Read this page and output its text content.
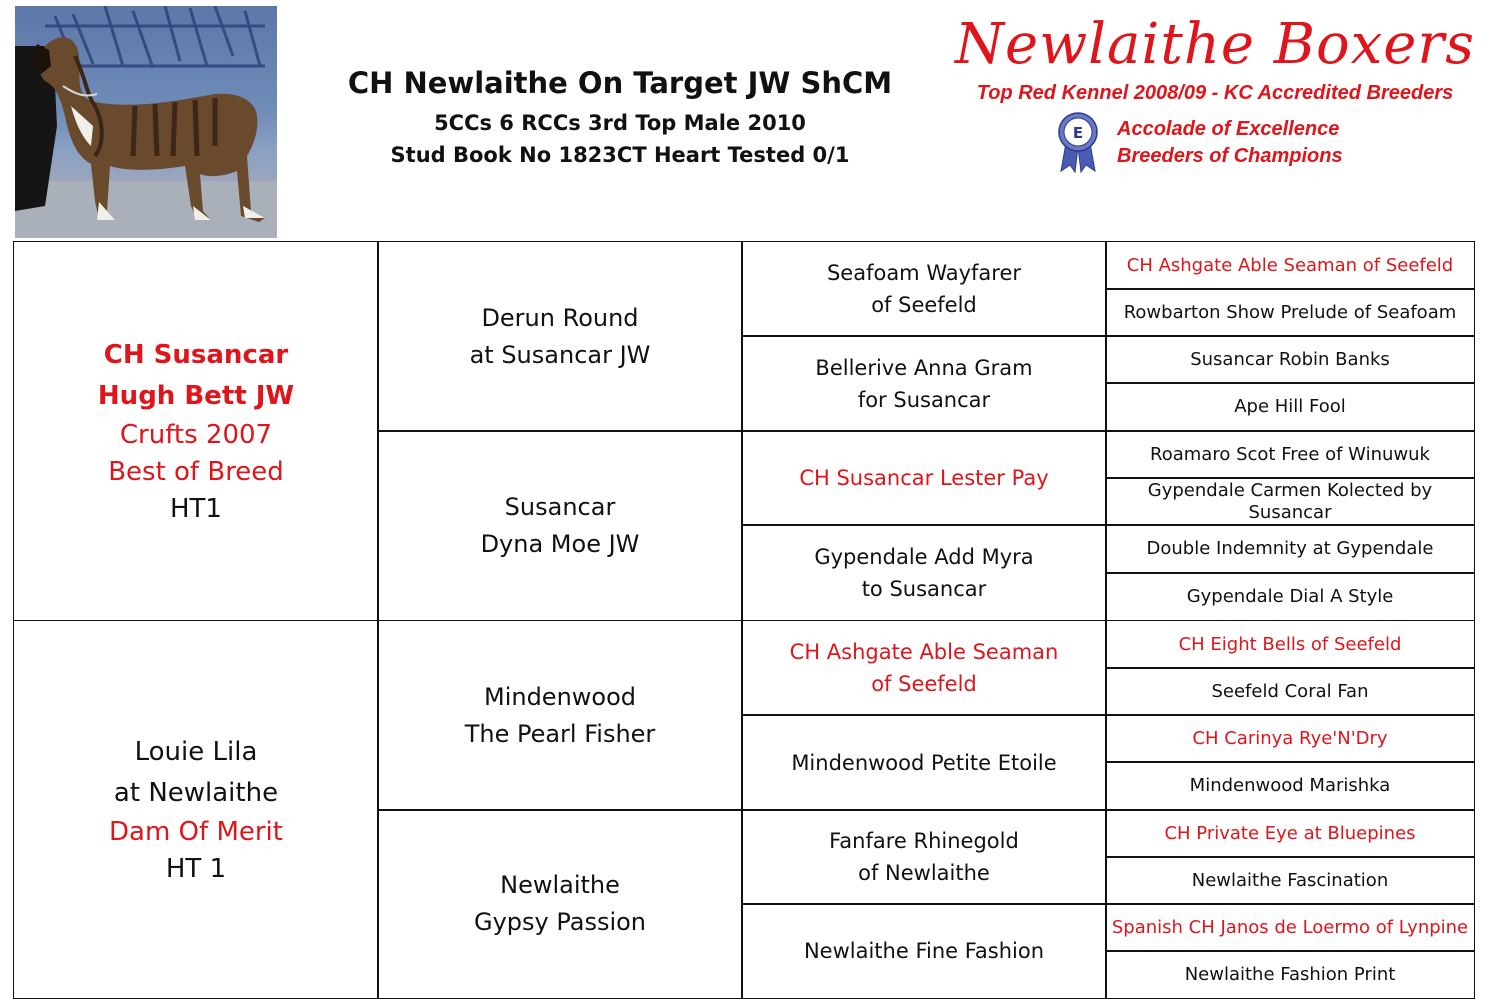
CH Newlaithe On Target JW ShCM
5CCs 6 RCCs 3rd Top Male 2010
Stud Book No 1823CT Heart Tested 0/1
Newlaithe Boxers
Top Red Kennel 2008/09 - KC Accredited Breeders
E Accolade of Excellence
Breeders of Champions
CH Susancar
Hugh Bett JW
Crufts 2007
Best of Breed
HT1
Louie Lila
at Newlaithe
Dam Of Merit
HT 1
Derun Round
at Susancar JW
Susancar
Dyna Moe JW
Mindenwood
The Pearl Fisher
Newlaithe
Gypsy Passion
Seafoam Wayfarer
of Seefeld
Bellerive Anna Gram
for Susancar
CH Susancar Lester Pay
Gypendale Add Myra
to Susancar
CH Ashgate Able Seaman
of Seefeld
Mindenwood Petite Etoile
Fanfare Rhinegold
of Newlaithe
Newlaithe Fine Fashion
CH Ashgate Able Seaman of Seefeld
Rowbarton Show Prelude of Seafoam
Susancar Robin Banks
Ape Hill Fool
Roamaro Scot Free of Winuwuk
Gypendale Carmen Kolected by Susancar
Double Indemnity at Gypendale
Gypendale Dial A Style
CH Eight Bells of Seefeld
Seefeld Coral Fan
CH Carinya Rye'N'Dry
Mindenwood Marishka
CH Private Eye at Bluepines
Newlaithe Fascination
Spanish CH Janos de Loermo of Lynpine
Newlaithe Fashion Print
